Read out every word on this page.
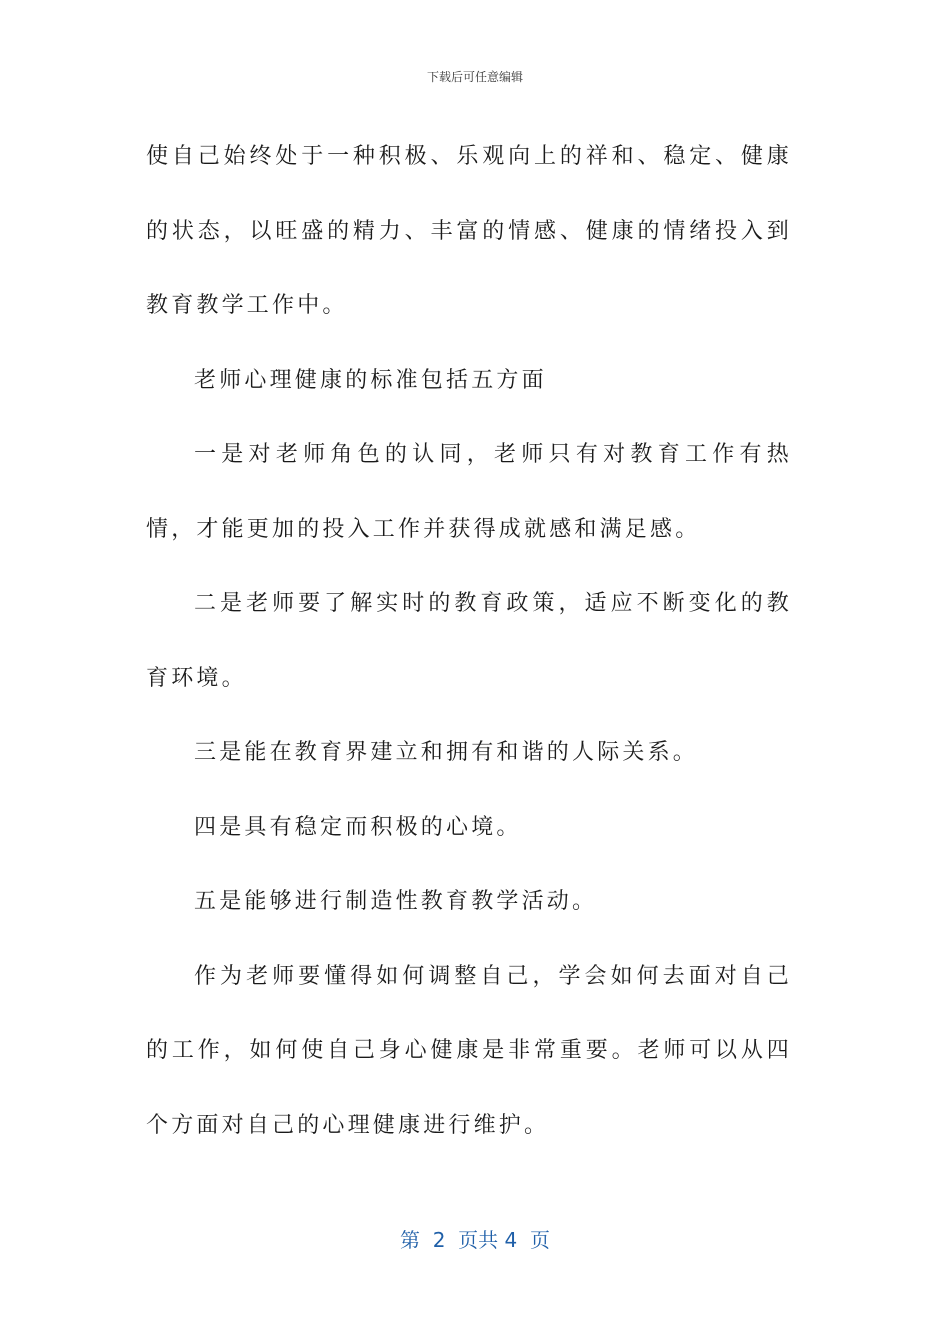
下载后可任意编辑

使自己始终处于一种积极、乐观向上的祥和、稳定、健康的状态，以旺盛的精力、丰富的情感、健康的情绪投入到教育教学工作中。

老师心理健康的标准包括五方面

一是对老师角色的认同，老师只有对教育工作有热情，才能更加的投入工作并获得成就感和满足感。

二是老师要了解实时的教育政策，适应不断变化的教育环境。

三是能在教育界建立和拥有和谐的人际关系。

四是具有稳定而积极的心境。

五是能够进行制造性教育教学活动。

作为老师要懂得如何调整自己，学会如何去面对自己的工作，如何使自己身心健康是非常重要。老师可以从四个方面对自己的心理健康进行维护。

第  2  页共 4  页
